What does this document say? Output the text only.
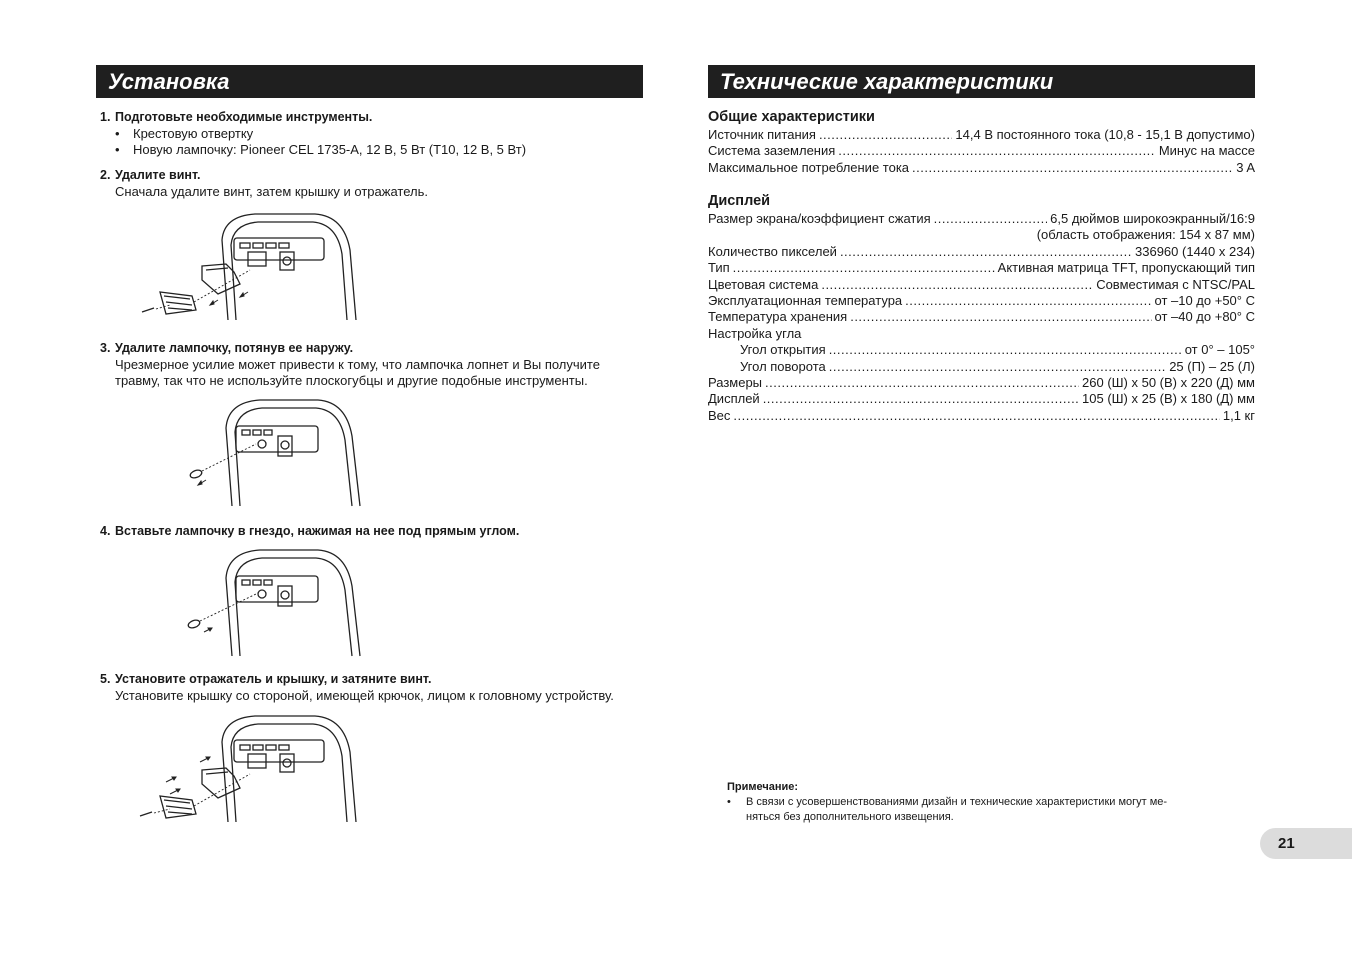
Установка
1. Подготовьте необходимые инструменты.
• Крестовую отвертку
• Новую лампочку: Pioneer CEL 1735-A, 12 В, 5 Вт (T10, 12 В, 5 Вт)
2. Удалите винт.
Сначала удалите винт, затем крышку и отражатель.
3. Удалите лампочку, потянув ее наружу.
Чрезмерное усилие может привести к тому, что лампочка лопнет и Вы получите
травму, так что не используйте плоскогубцы и другие подобные инструменты.
4. Вставьте лампочку в гнездо, нажимая на нее под прямым углом.
5. Установите отражатель и крышку, и затяните винт.
Установите крышку со стороной, имеющей крючок, лицом к головному устройству.
Технические характеристики
Общие характеристики
Источник питания .....	14,4 В постоянного тока (10,8 - 15,1 В допустимо)
Система заземления .....	Минус на массе
Максимальное потребление тока .....	3 A
Дисплей
Размер экрана/коэффициент сжатия .....	6,5 дюймов широкоэкранный/16:9
(область отображения: 154 x 87 мм)
Количество пикселей .....	336960 (1440 x 234)
Тип .....	Активная матрица TFT, пропускающий тип
Цветовая система .....	Совместимая с NTSC/PAL
Эксплуатационная температура .....	от –10 до +50° C
Температура хранения .....	от –40 до +80° C
Настройка угла
Угол открытия .....	от 0° – 105°
Угол поворота .....	25 (П) – 25 (Л)
Размеры .....	260 (Ш) x 50 (В) x 220 (Д) мм
Дисплей .....	105 (Ш) x 25 (В) x 180 (Д) мм
Вес .....	1,1 кг
Примечание:
• В связи с усовершенствованиями дизайн и технические характеристики могут ме-
няться без дополнительного извещения.
21
